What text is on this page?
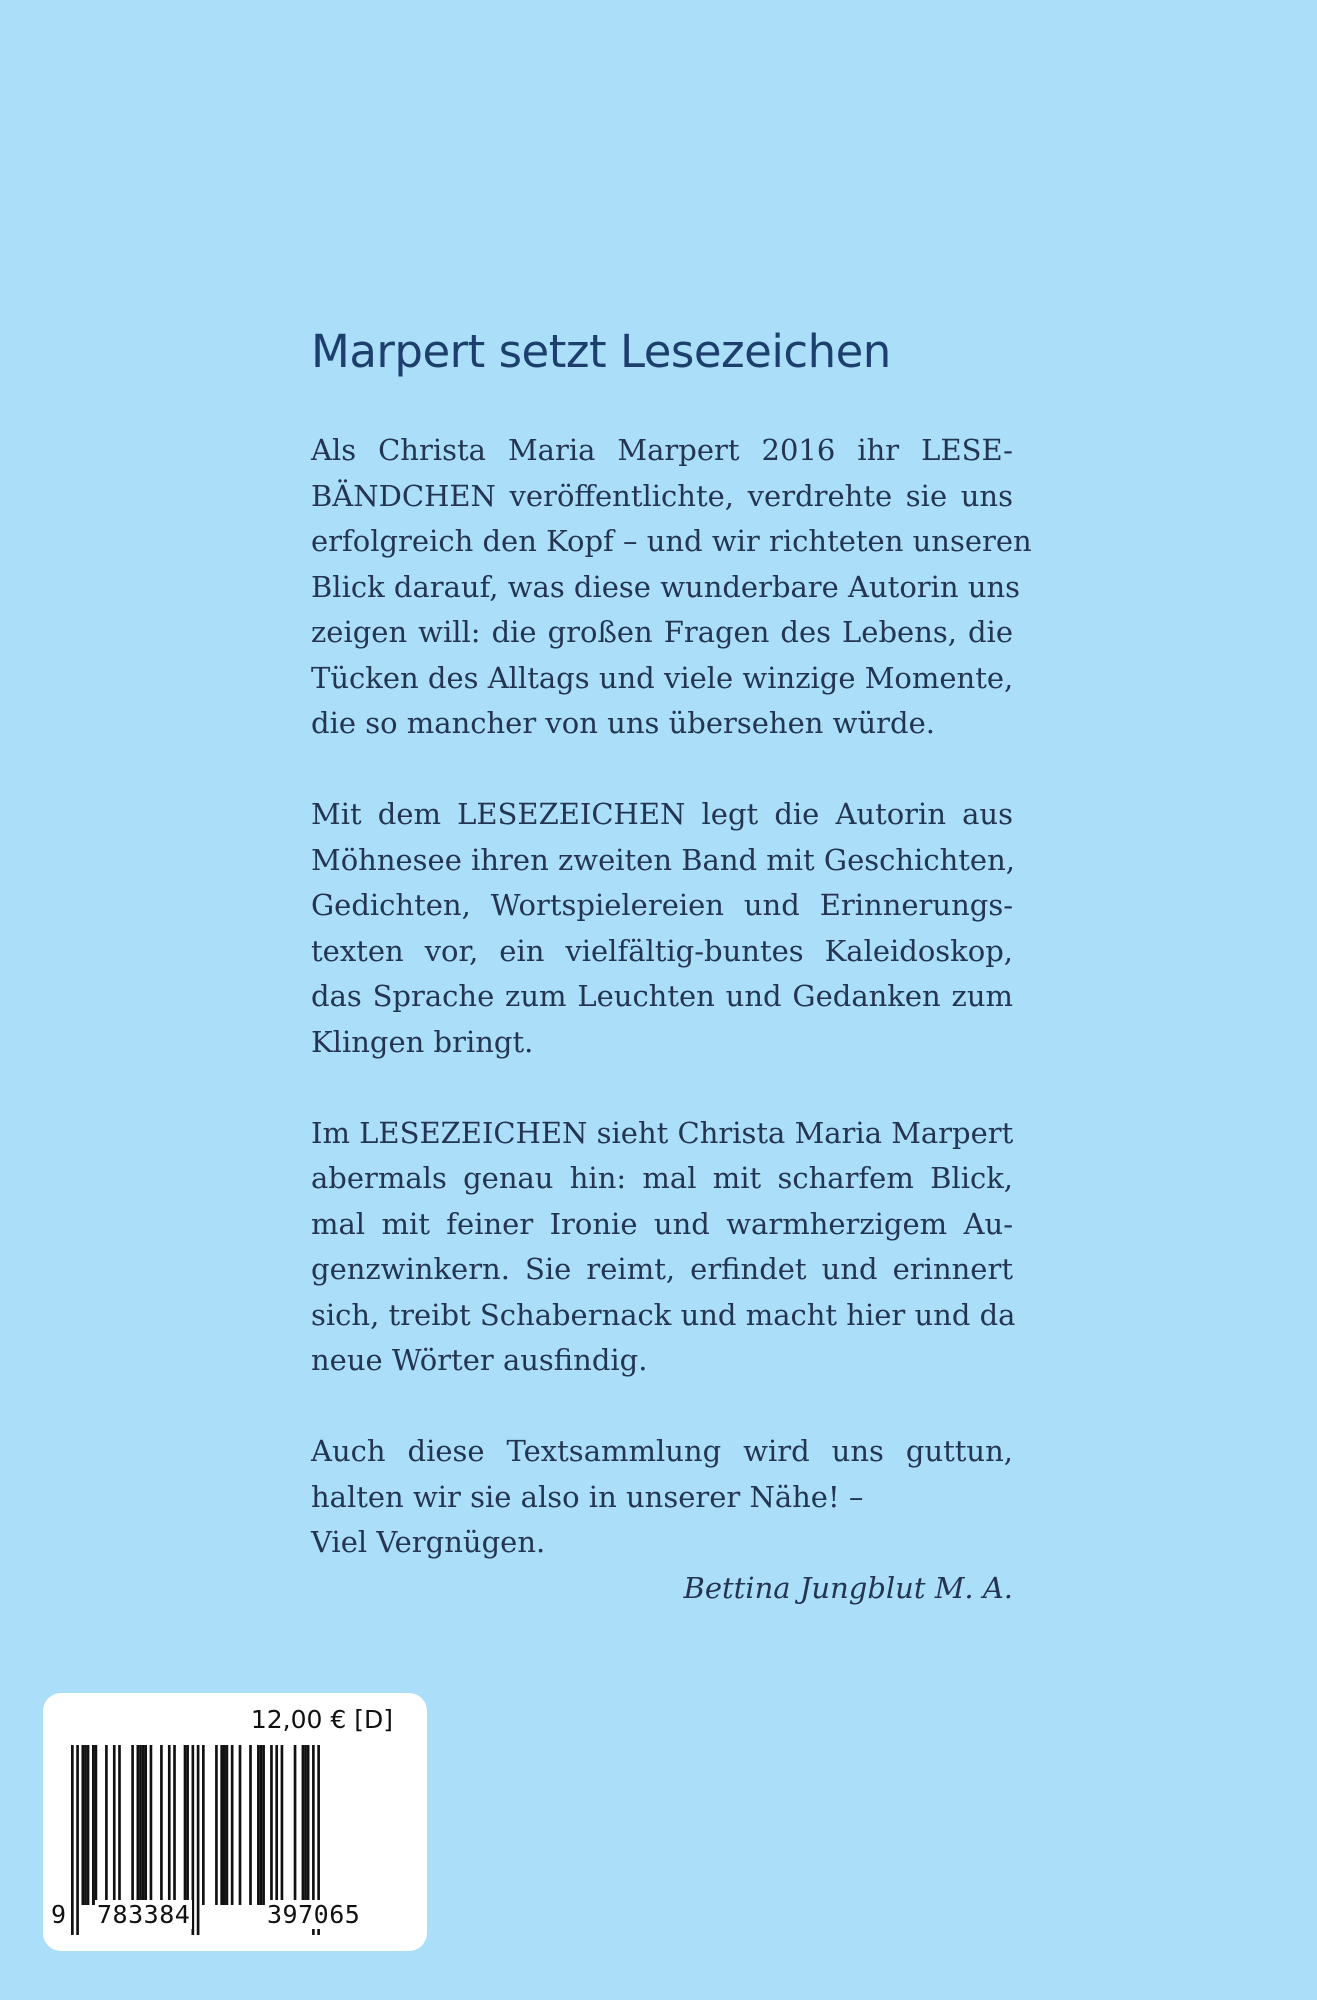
Marpert setzt Lesezeichen

Als Christa Maria Marpert 2016 ihr LESE-
BÄNDCHEN veröffentlichte, verdrehte sie uns
erfolgreich den Kopf – und wir richteten unseren
Blick darauf, was diese wunderbare Autorin uns
zeigen will: die großen Fragen des Lebens, die
Tücken des Alltags und viele winzige Momente,
die so mancher von uns übersehen würde.

Mit dem LESEZEICHEN legt die Autorin aus
Möhnesee ihren zweiten Band mit Geschichten,
Gedichten, Wortspielereien und Erinnerungs-
texten vor, ein vielfältig-buntes Kaleidoskop,
das Sprache zum Leuchten und Gedanken zum
Klingen bringt.

Im LESEZEICHEN sieht Christa Maria Marpert
abermals genau hin: mal mit scharfem Blick,
mal mit feiner Ironie und warmherzigem Au-
genzwinkern. Sie reimt, erfindet und erinnert
sich, treibt Schabernack und macht hier und da
neue Wörter ausfindig.

Auch diese Textsammlung wird uns guttun,
halten wir sie also in unserer Nähe! –
Viel Vergnügen.

Bettina Jungblut M. A.

12,00 € [D]
9 783384	397065
